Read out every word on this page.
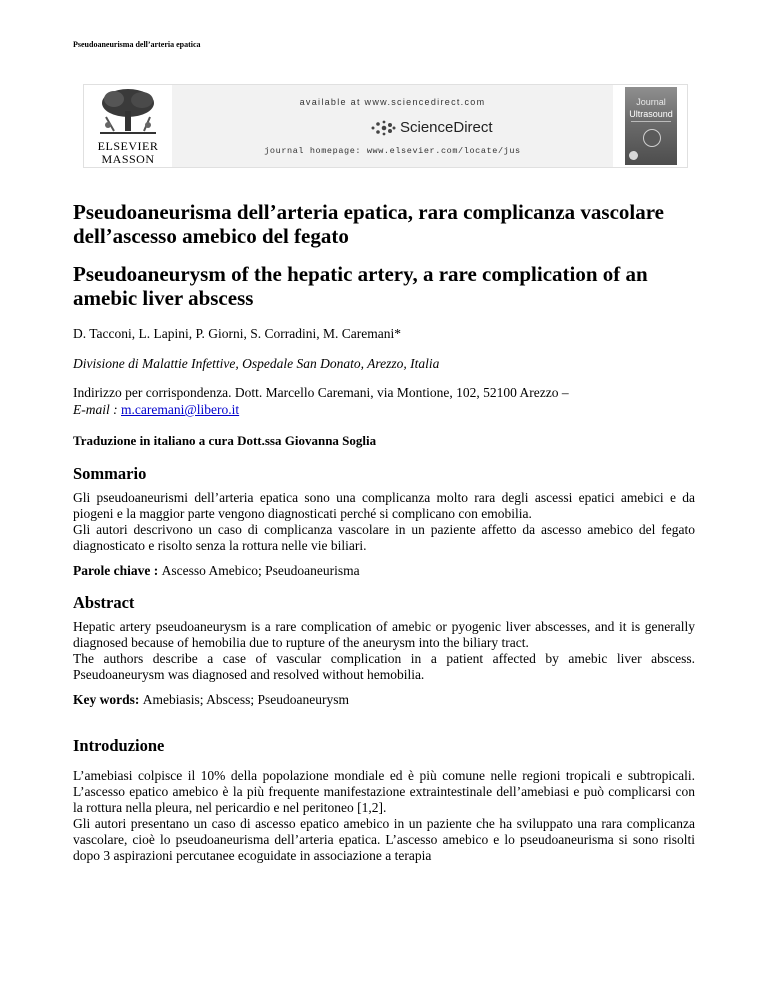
Pseudoaneurisma dell’arteria epatica
ELSEVIER
MASSON
available at www.sciencedirect.com
ScienceDirect
journal homepage: www.elsevier.com/locate/jus
Journal
Ultrasound
Pseudoaneurisma dell’arteria epatica, rara complicanza vascolare dell’ascesso amebico del fegato
Pseudoaneurysm of the hepatic artery, a rare complication of an amebic liver abscess
D. Tacconi, L. Lapini, P. Giorni, S. Corradini, M. Caremani*
Divisione di Malattie Infettive, Ospedale San Donato, Arezzo, Italia
Indirizzo per corrispondenza. Dott. Marcello Caremani, via Montione, 102, 52100 Arezzo –
E-mail : m.caremani@libero.it
Traduzione in italiano a cura Dott.ssa Giovanna Soglia
Sommario

Gli pseudoaneurismi dell’arteria epatica sono una complicanza molto rara degli ascessi epatici amebici e da piogeni e la maggior parte vengono diagnosticati perché si complicano con emobilia.

Gli autori descrivono un caso di complicanza vascolare in un paziente affetto da ascesso amebico del fegato diagnosticato e risolto senza la rottura nelle vie biliari.

Parole chiave : Ascesso Amebico; Pseudoaneurisma
Abstract

Hepatic artery pseudoaneurysm is a rare complication of amebic or pyogenic liver abscesses, and it is generally diagnosed because of hemobilia due to rupture of the aneurysm into the biliary tract.

The authors describe a case of vascular complication in a patient affected by amebic liver abscess. Pseudoaneurysm was diagnosed and resolved without hemobilia.

Key words: Amebiasis; Abscess; Pseudoaneurysm
Introduzione

L’amebiasi colpisce il 10% della popolazione mondiale ed è più comune nelle regioni tropicali e subtropicali. L’ascesso epatico amebico è la più frequente manifestazione extraintestinale dell’amebiasi e può complicarsi con la rottura nella pleura, nel pericardio e nel peritoneo [1,2].

Gli autori presentano un caso di ascesso epatico amebico in un paziente che ha sviluppato una rara complicanza vascolare, cioè lo pseudoaneurisma dell’arteria epatica. L’ascesso amebico e lo pseudoaneurisma si sono risolti dopo 3 aspirazioni percutanee ecoguidate in associazione a terapia
